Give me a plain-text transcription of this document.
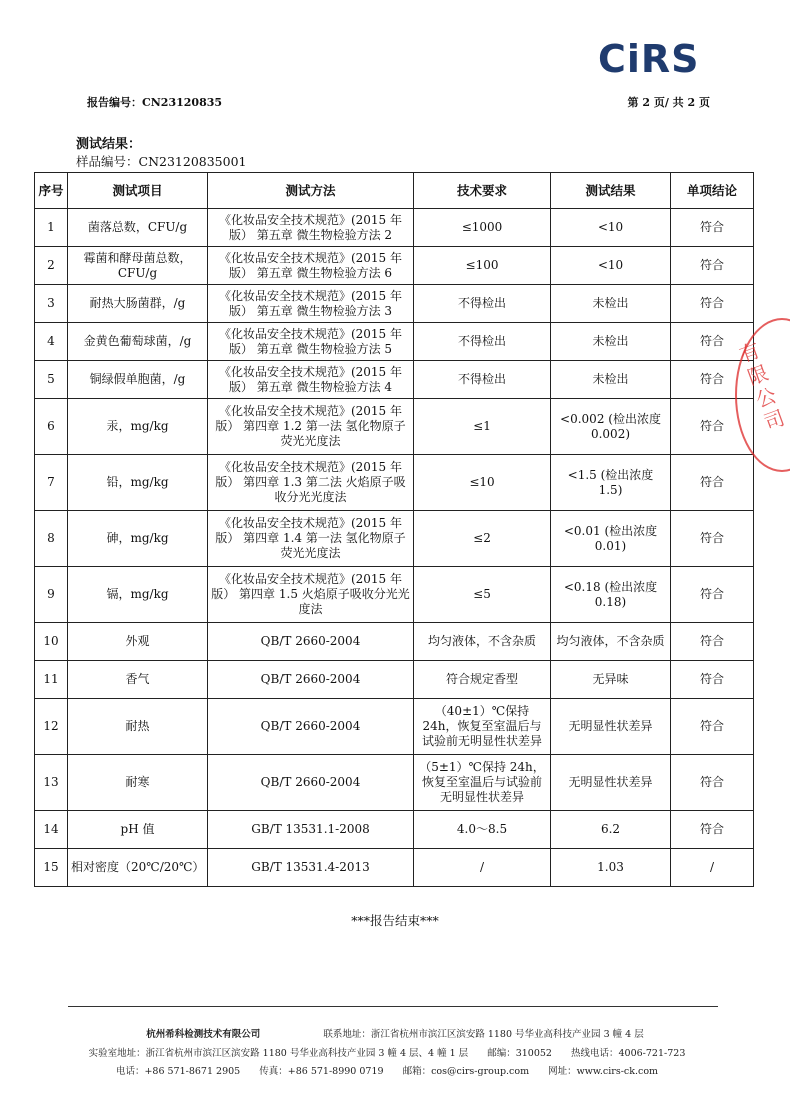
CiRS
报告编号：CN23120835	第 2 页/ 共 2 页
测试结果：
样品编号：CN23120835001
序号	测试项目	测试方法	技术要求	测试结果	单项结论
1	菌落总数，CFU/g	《化妆品安全技术规范》(2015 年版） 第五章 微生物检验方法 2	≤1000	<10	符合
2	霉菌和酵母菌总数，CFU/g	《化妆品安全技术规范》(2015 年版） 第五章 微生物检验方法 6	≤100	<10	符合
3	耐热大肠菌群，/g	《化妆品安全技术规范》(2015 年版） 第五章 微生物检验方法 3	不得检出	未检出	符合
4	金黄色葡萄球菌，/g	《化妆品安全技术规范》(2015 年版） 第五章 微生物检验方法 5	不得检出	未检出	符合
5	铜绿假单胞菌，/g	《化妆品安全技术规范》(2015 年版） 第五章 微生物检验方法 4	不得检出	未检出	符合
6	汞，mg/kg	《化妆品安全技术规范》(2015 年版） 第四章 1.2 第一法 氢化物原子荧光光度法	≤1	<0.002 (检出浓度 0.002)	符合
7	铅，mg/kg	《化妆品安全技术规范》(2015 年版） 第四章 1.3 第二法 火焰原子吸收分光光度法	≤10	<1.5 (检出浓度 1.5)	符合
8	砷，mg/kg	《化妆品安全技术规范》(2015 年版） 第四章 1.4 第一法 氢化物原子荧光光度法	≤2	<0.01 (检出浓度 0.01)	符合
9	镉，mg/kg	《化妆品安全技术规范》(2015 年版） 第四章 1.5 火焰原子吸收分光光度法	≤5	<0.18 (检出浓度 0.18)	符合
10	外观	QB/T 2660-2004	均匀液体，不含杂质	均匀液体，不含杂质	符合
11	香气	QB/T 2660-2004	符合规定香型	无异味	符合
12	耐热	QB/T 2660-2004	（40±1）℃保持 24h，恢复至室温后与试验前无明显性状差异	无明显性状差异	符合
13	耐寒	QB/T 2660-2004	（5±1）℃保持 24h，恢复至室温后与试验前无明显性状差异	无明显性状差异	符合
14	pH 值	GB/T 13531.1-2008	4.0～8.5	6.2	符合
15	相对密度（20℃/20℃）	GB/T 13531.4-2013	/	1.03	/
有限公司
***报告结束***
杭州希科检测技术有限公司	联系地址：浙江省杭州市滨江区滨安路 1180 号华业高科技产业园 3 幢 4 层
实验室地址：浙江省杭州市滨江区滨安路 1180 号华业高科技产业园 3 幢 4 层、4 幢 1 层 邮编：310052 热线电话：4006-721-723
电话：+86 571-8671 2905 传真：+86 571-8990 0719 邮箱：cos@cirs-group.com 网址：www.cirs-ck.com
